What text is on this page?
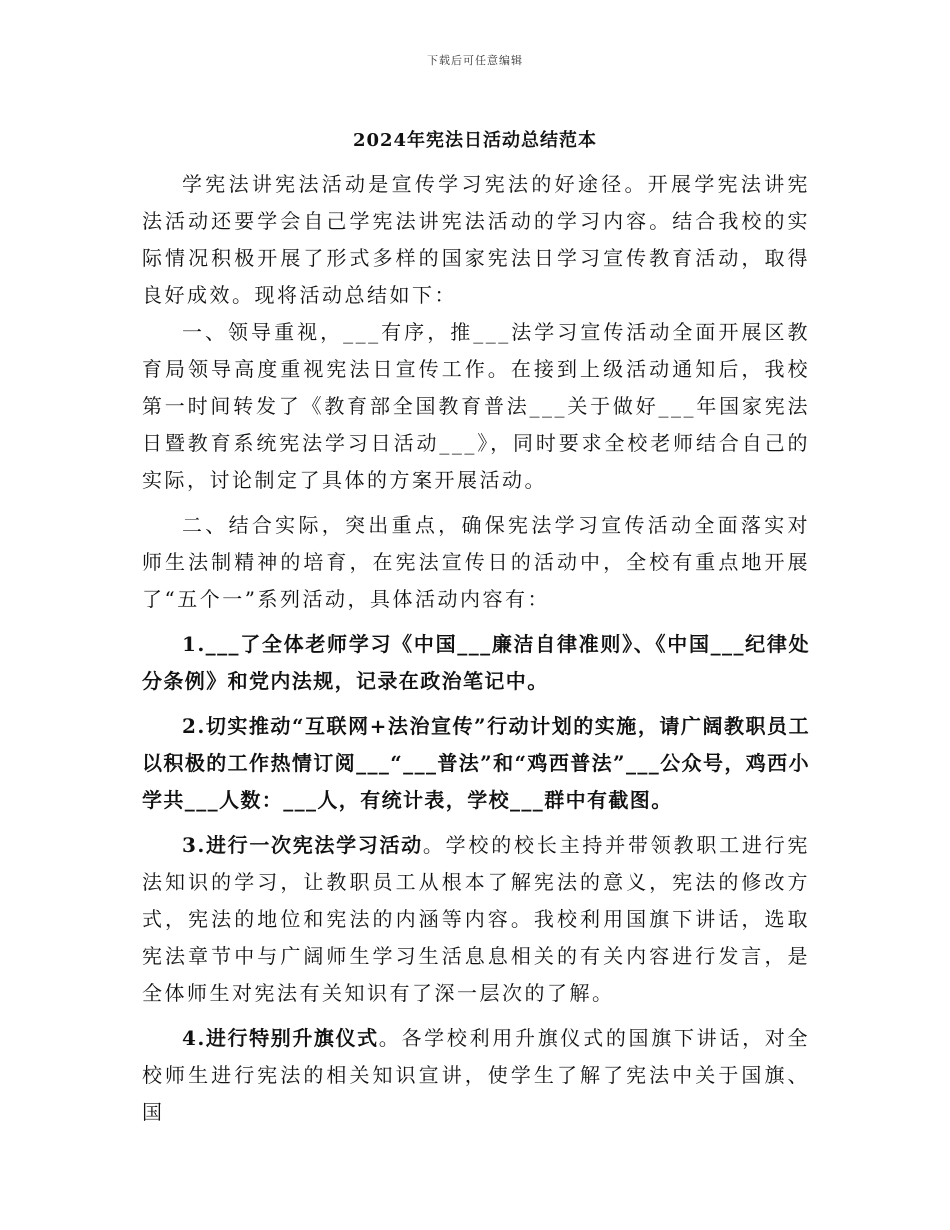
下载后可任意编辑
2024年宪法日活动总结范本

学宪法讲宪法活动是宣传学习宪法的好途径。开展学宪法讲宪法活动还要学会自己学宪法讲宪法活动的学习内容。结合我校的实际情况积极开展了形式多样的国家宪法日学习宣传教育活动，取得良好成效。现将活动总结如下：

一、领导重视，___有序，推___法学习宣传活动全面开展区教育局领导高度重视宪法日宣传工作。在接到上级活动通知后，我校第一时间转发了《教育部全国教育普法___关于做好___年国家宪法日暨教育系统宪法学习日活动___》，同时要求全校老师结合自己的实际，讨论制定了具体的方案开展活动。

二、结合实际，突出重点，确保宪法学习宣传活动全面落实对师生法制精神的培育，在宪法宣传日的活动中，全校有重点地开展了“五个一”系列活动，具体活动内容有：

1.___了全体老师学习《中国___廉洁自律准则》、《中国___纪律处分条例》和党内法规，记录在政治笔记中。

2.切实推动“互联网+法治宣传”行动计划的实施，请广阔教职员工以积极的工作热情订阅___“___普法”和“鸡西普法”___公众号，鸡西小学共___人数：___人，有统计表，学校___群中有截图。

3.进行一次宪法学习活动。学校的校长主持并带领教职工进行宪法知识的学习，让教职员工从根本了解宪法的意义，宪法的修改方式，宪法的地位和宪法的内涵等内容。我校利用国旗下讲话，选取宪法章节中与广阔师生学习生活息息相关的有关内容进行发言，是全体师生对宪法有关知识有了深一层次的了解。

4.进行特别升旗仪式。各学校利用升旗仪式的国旗下讲话，对全校师生进行宪法的相关知识宣讲，使学生了解了宪法中关于国旗、国
